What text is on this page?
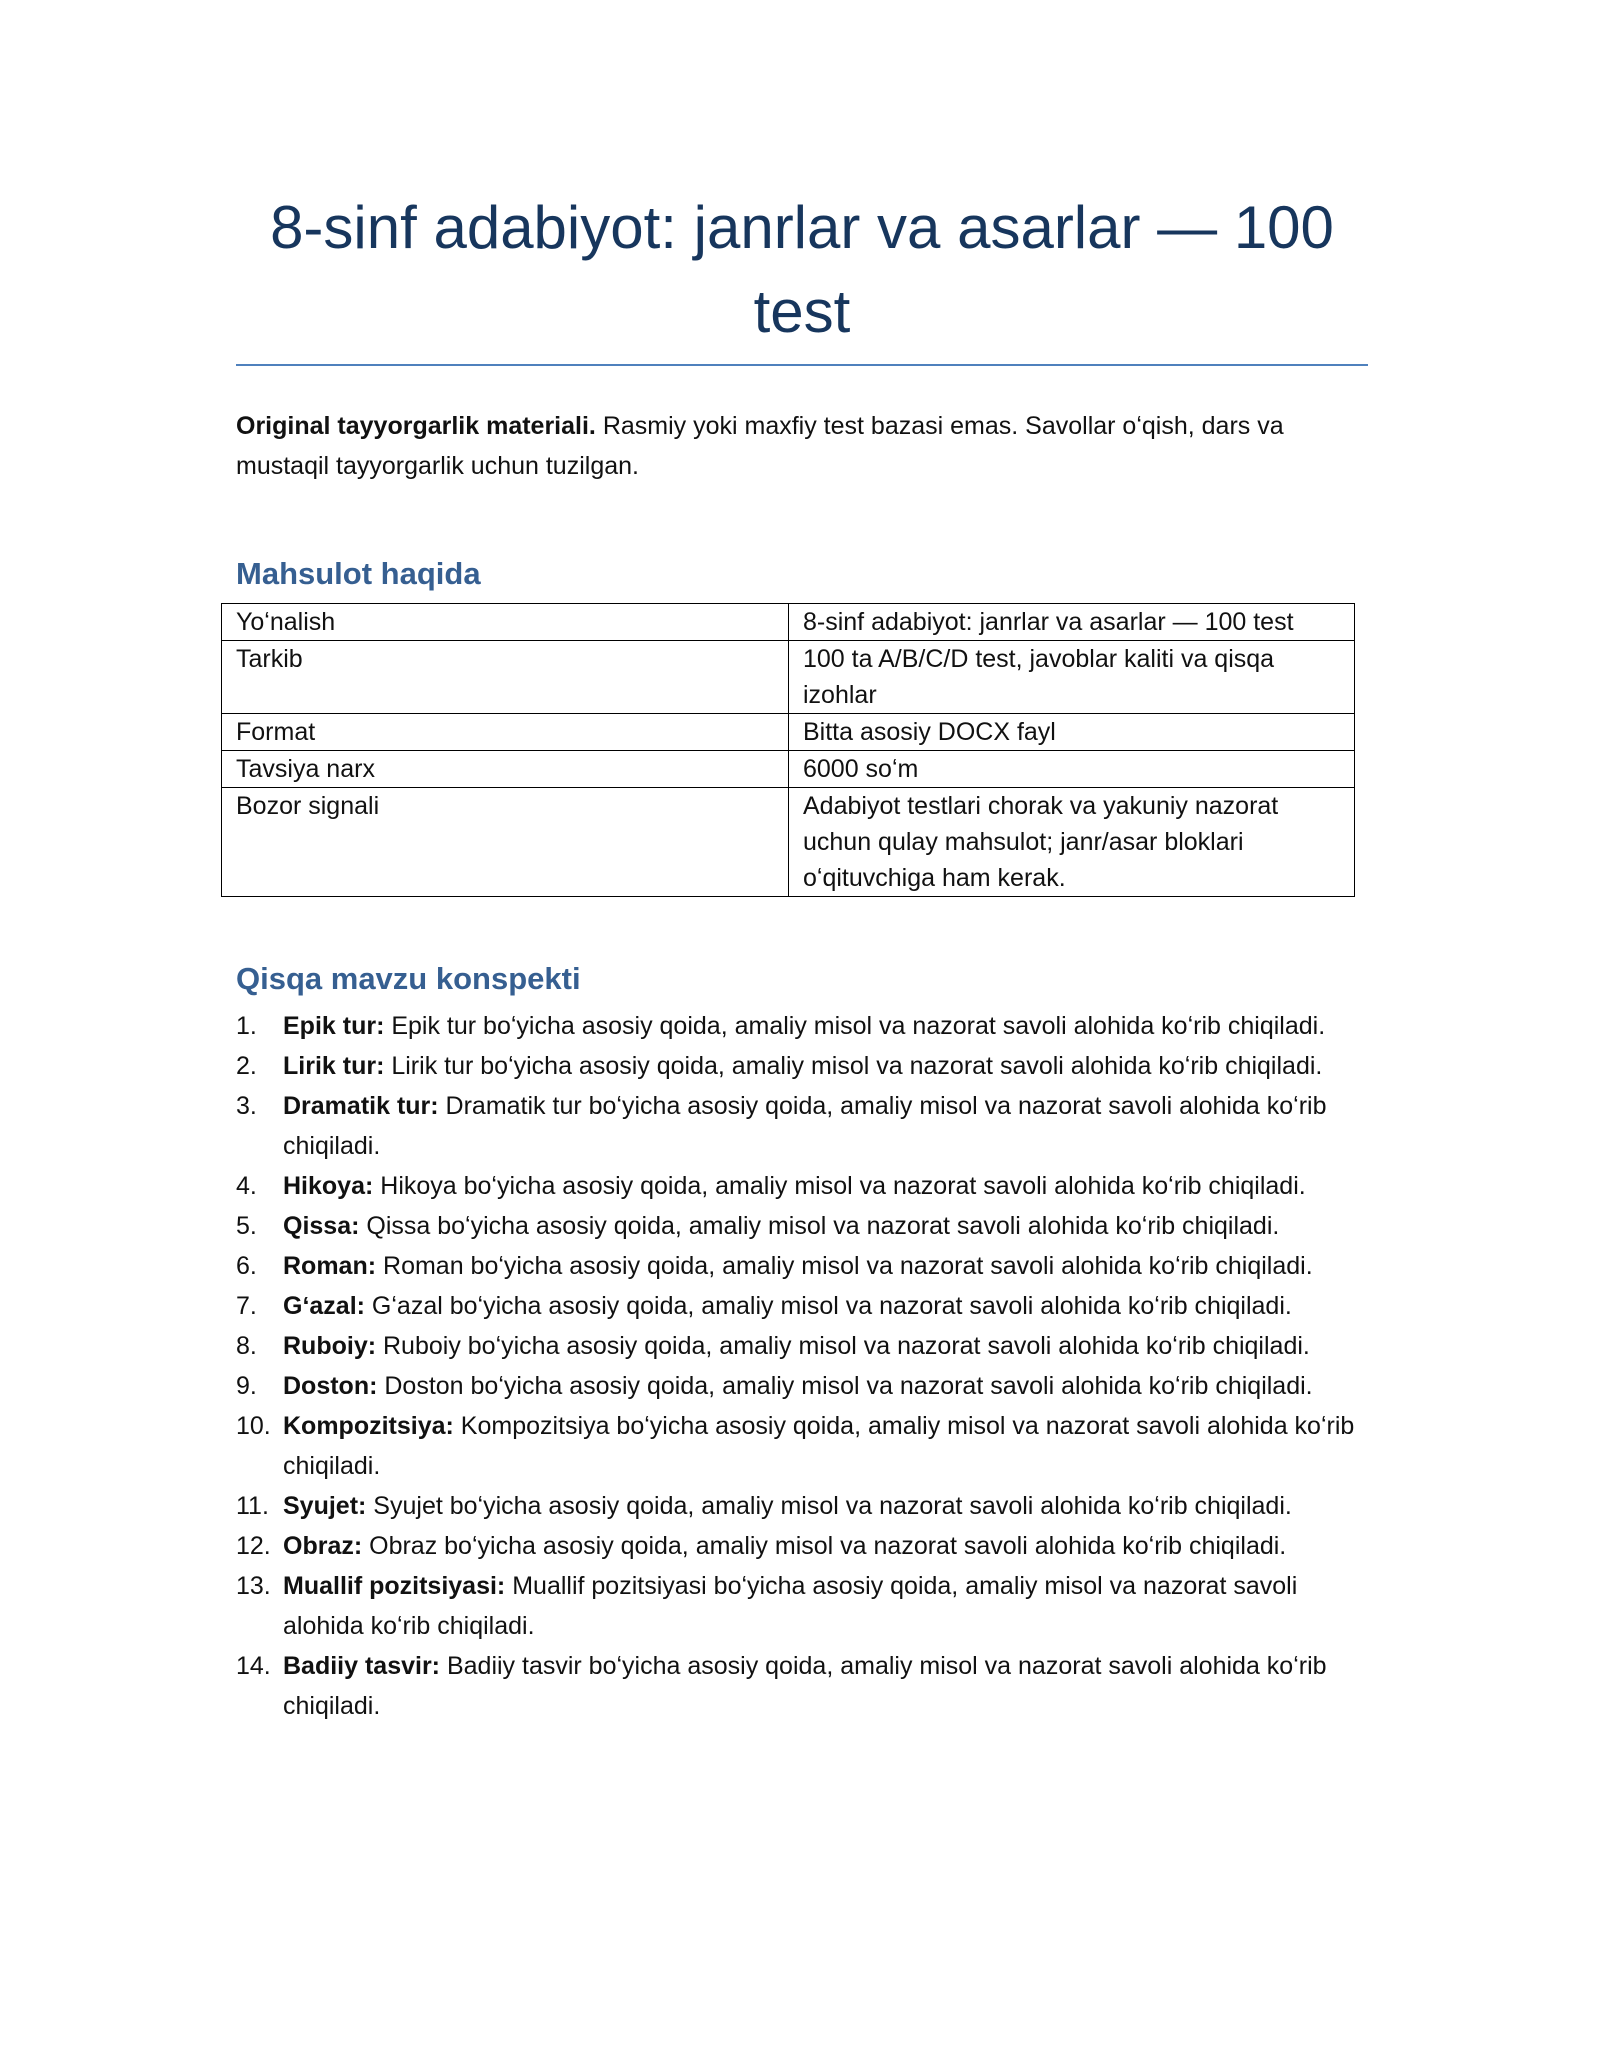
8-sinf adabiyot: janrlar va asarlar — 100 test

Original tayyorgarlik materiali. Rasmiy yoki maxfiy test bazasi emas. Savollar oʻqish, dars va mustaqil tayyorgarlik uchun tuzilgan.

Mahsulot haqida
Yoʻnalish	8-sinf adabiyot: janrlar va asarlar — 100 test
Tarkib	100 ta A/B/C/D test, javoblar kaliti va qisqa izohlar
Format	Bitta asosiy DOCX fayl
Tavsiya narx	6000 soʻm
Bozor signali	Adabiyot testlari chorak va yakuniy nazorat uchun qulay mahsulot; janr/asar bloklari oʻqituvchiga ham kerak.
Qisqa mavzu konspekti
1. Epik tur: Epik tur boʻyicha asosiy qoida, amaliy misol va nazorat savoli alohida koʻrib chiqiladi.
2. Lirik tur: Lirik tur boʻyicha asosiy qoida, amaliy misol va nazorat savoli alohida koʻrib chiqiladi.
3. Dramatik tur: Dramatik tur boʻyicha asosiy qoida, amaliy misol va nazorat savoli alohida koʻrib chiqiladi.
4. Hikoya: Hikoya boʻyicha asosiy qoida, amaliy misol va nazorat savoli alohida koʻrib chiqiladi.
5. Qissa: Qissa boʻyicha asosiy qoida, amaliy misol va nazorat savoli alohida koʻrib chiqiladi.
6. Roman: Roman boʻyicha asosiy qoida, amaliy misol va nazorat savoli alohida koʻrib chiqiladi.
7. Gʻazal: Gʻazal boʻyicha asosiy qoida, amaliy misol va nazorat savoli alohida koʻrib chiqiladi.
8. Ruboiy: Ruboiy boʻyicha asosiy qoida, amaliy misol va nazorat savoli alohida koʻrib chiqiladi.
9. Doston: Doston boʻyicha asosiy qoida, amaliy misol va nazorat savoli alohida koʻrib chiqiladi.
10. Kompozitsiya: Kompozitsiya boʻyicha asosiy qoida, amaliy misol va nazorat savoli alohida koʻrib chiqiladi.
11. Syujet: Syujet boʻyicha asosiy qoida, amaliy misol va nazorat savoli alohida koʻrib chiqiladi.
12. Obraz: Obraz boʻyicha asosiy qoida, amaliy misol va nazorat savoli alohida koʻrib chiqiladi.
13. Muallif pozitsiyasi: Muallif pozitsiyasi boʻyicha asosiy qoida, amaliy misol va nazorat savoli alohida koʻrib chiqiladi.
14. Badiiy tasvir: Badiiy tasvir boʻyicha asosiy qoida, amaliy misol va nazorat savoli alohida koʻrib chiqiladi.
